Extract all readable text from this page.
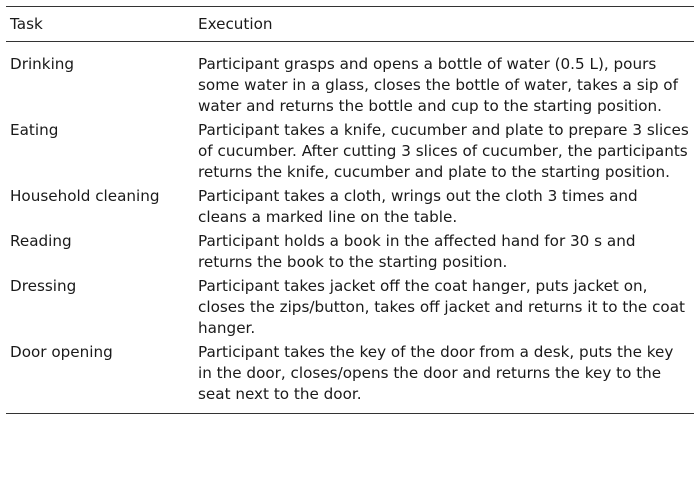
Task	Execution
Drinking	Participant grasps and opens a bottle of water (0.5 L), pours some water in a glass, closes the bottle of water, takes a sip of water and returns the bottle and cup to the starting position.
Eating	Participant takes a knife, cucumber and plate to prepare 3 slices of cucumber. After cutting 3 slices of cucumber, the participants returns the knife, cucumber and plate to the starting position.
Household cleaning	Participant takes a cloth, wrings out the cloth 3 times and cleans a marked line on the table.
Reading	Participant holds a book in the affected hand for 30 s and returns the book to the starting position.
Dressing	Participant takes jacket off the coat hanger, puts jacket on, closes the zips/button, takes off jacket and returns it to the coat hanger.
Door opening	Participant takes the key of the door from a desk, puts the key in the door, closes/opens the door and returns the key to the seat next to the door.
